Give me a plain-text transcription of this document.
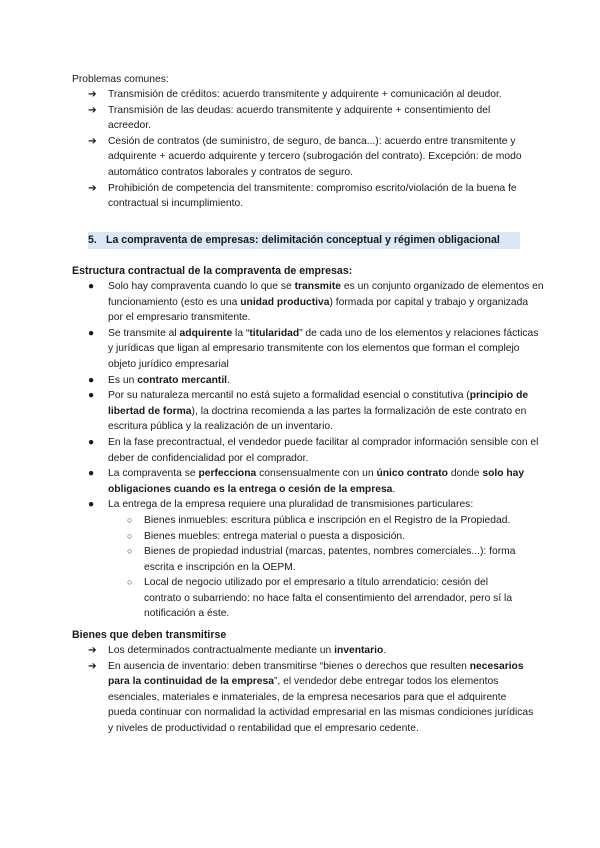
Problemas comunes:

➔ Transmisión de créditos: acuerdo transmitente y adquirente + comunicación al deudor.
➔ Transmisión de las deudas: acuerdo transmitente y adquirente + consentimiento del acreedor.
➔ Cesión de contratos (de suministro, de seguro, de banca...): acuerdo entre transmitente y adquirente + acuerdo adquirente y tercero (subrogación del contrato). Excepción: de modo automático contratos laborales y contratos de seguro.
➔ Prohibición de competencia del transmitente: compromiso escrito/violación de la buena fe contractual si incumplimiento.
5. La compraventa de empresas: delimitación conceptual y régimen obligacional
Estructura contractual de la compraventa de empresas:
● Solo hay compraventa cuando lo que se transmite es un conjunto organizado de elementos en funcionamiento (esto es una unidad productiva) formada por capital y trabajo y organizada por el empresario transmitente.
● Se transmite al adquirente la “titularidad” de cada uno de los elementos y relaciones fácticas y jurídicas que ligan al empresario transmitente con los elementos que forman el complejo objeto jurídico empresarial
● Es un contrato mercantil.
● Por su naturaleza mercantil no está sujeto a formalidad esencial o constitutiva (principio de libertad de forma), la doctrina recomienda a las partes la formalización de este contrato en escritura pública y la realización de un inventario.
● En la fase precontractual, el vendedor puede facilitar al comprador información sensible con el deber de confidencialidad por el comprador.
● La compraventa se perfecciona consensualmente con un único contrato donde solo hay obligaciones cuando es la entrega o cesión de la empresa.
● La entrega de la empresa requiere una pluralidad de transmisiones particulares:
○ Bienes inmuebles: escritura pública e inscripción en el Registro de la Propiedad.
○ Bienes muebles: entrega material o puesta a disposición.
○ Bienes de propiedad industrial (marcas, patentes, nombres comerciales...): forma escrita e inscripción en la OEPM.
○ Local de negocio utilizado por el empresario a título arrendaticio: cesión del contrato o subarriendo: no hace falta el consentimiento del arrendador, pero sí la notificación a éste.
Bienes que deben transmitirse
➔ Los determinados contractualmente mediante un inventario.
➔ En ausencia de inventario: deben transmitirse “bienes o derechos que resulten necesarios para la continuidad de la empresa”, el vendedor debe entregar todos los elementos esenciales, materiales e inmateriales, de la empresa necesarios para que el adquirente pueda continuar con normalidad la actividad empresarial en las mismas condiciones jurídicas y niveles de productividad o rentabilidad que el empresario cedente.
